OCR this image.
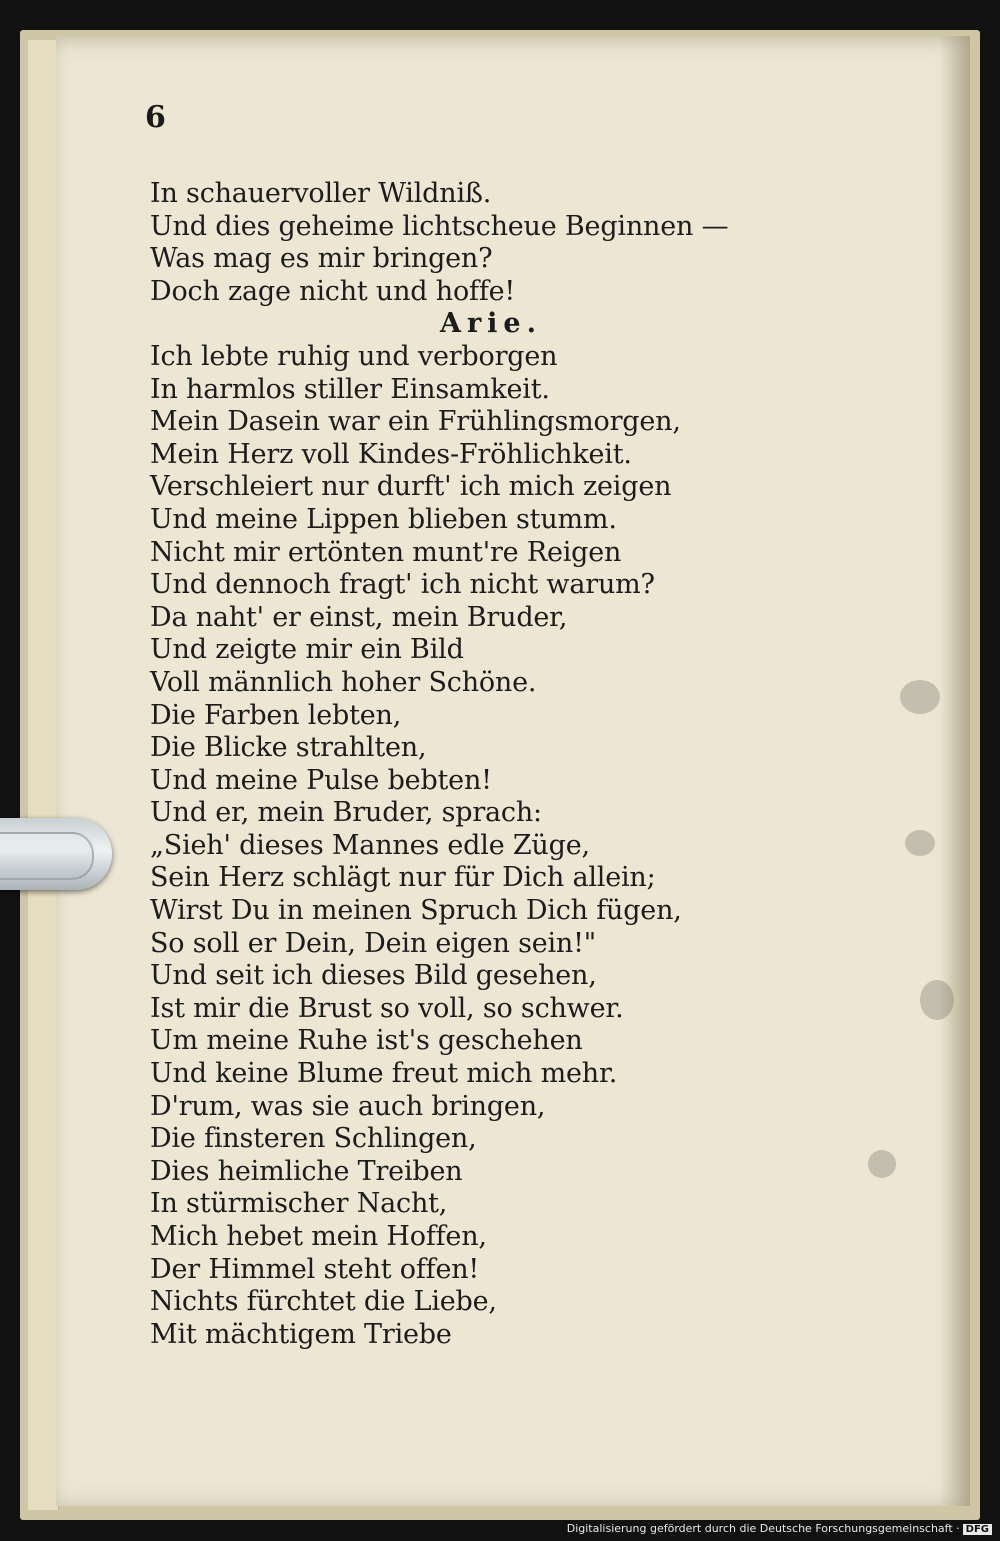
6
In schauervoller Wildniß.
Und dies geheime lichtscheue Beginnen —
Was mag es mir bringen?
Doch zage nicht und hoffe!
Arie.
Ich lebte ruhig und verborgen
In harmlos stiller Einsamkeit.
Mein Dasein war ein Frühlingsmorgen,
Mein Herz voll Kindes-Fröhlichkeit.
Verschleiert nur durft' ich mich zeigen
Und meine Lippen blieben stumm.
Nicht mir ertönten munt're Reigen
Und dennoch fragt' ich nicht warum?
Da naht' er einst, mein Bruder,
Und zeigte mir ein Bild
Voll männlich hoher Schöne.
Die Farben lebten,
Die Blicke strahlten,
Und meine Pulse bebten!
Und er, mein Bruder, sprach:
„Sieh' dieses Mannes edle Züge,
Sein Herz schlägt nur für Dich allein;
Wirst Du in meinen Spruch Dich fügen,
So soll er Dein, Dein eigen sein!"
Und seit ich dieses Bild gesehen,
Ist mir die Brust so voll, so schwer.
Um meine Ruhe ist's geschehen
Und keine Blume freut mich mehr.
D'rum, was sie auch bringen,
Die finsteren Schlingen,
Dies heimliche Treiben
In stürmischer Nacht,
Mich hebet mein Hoffen,
Der Himmel steht offen!
Nichts fürchtet die Liebe,
Mit mächtigem Triebe
Digitalisierung gefördert durch die Deutsche Forschungsgemeinschaft · DFG
